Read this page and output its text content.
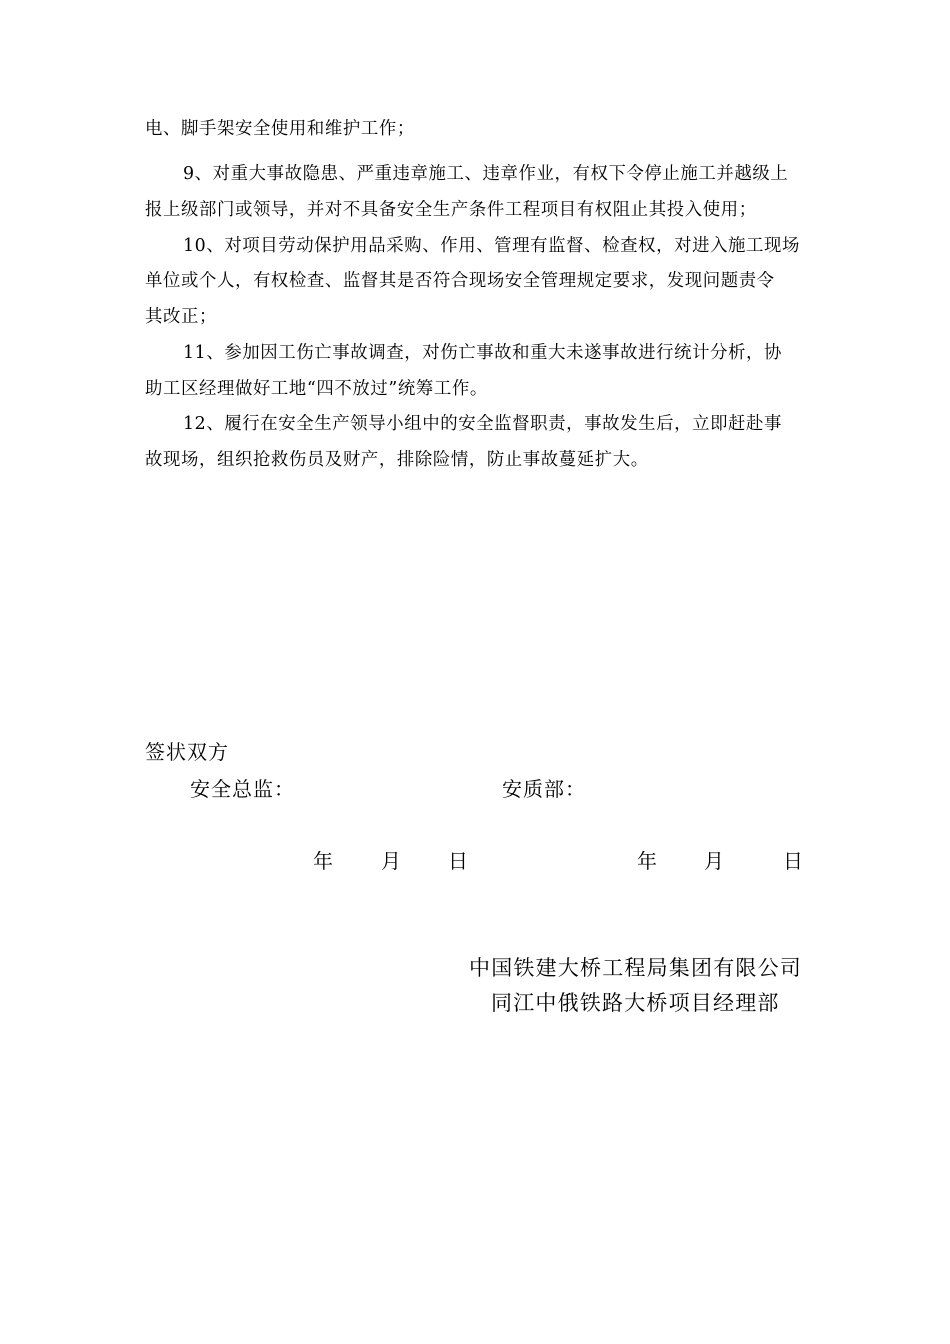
电、脚手架安全使用和维护工作；
9、对重大事故隐患、严重违章施工、违章作业，有权下令停止施工并越级上
报上级部门或领导，并对不具备安全生产条件工程项目有权阻止其投入使用；
10、对项目劳动保护用品采购、作用、管理有监督、检查权，对进入施工现场
单位或个人，有权检查、监督其是否符合现场安全管理规定要求，发现问题责令
其改正；
11、参加因工伤亡事故调查，对伤亡事故和重大未遂事故进行统计分析，协
助工区经理做好工地“四不放过”统筹工作。
12、履行在安全生产领导小组中的安全监督职责，事故发生后，立即赶赴事
故现场，组织抢救伤员及财产，排除险情，防止事故蔓延扩大。
签状双方
安全总监：	安质部：
年 月 日	年 月	日
中国铁建大桥工程局集团有限公司
同江中俄铁路大桥项目经理部
